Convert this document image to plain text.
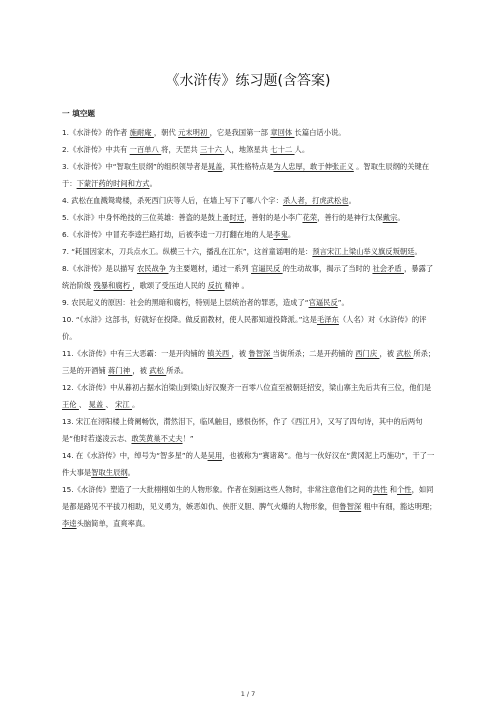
《水浒传》练习题(含答案)
一 填空题

1.《水浒传》的作者 施耐庵 ，朝代 元末明初 ，它是我国第一部 章回体 长篇白话小说。

2.《水浒传》中共有 一百单八 将，天罡共 三十六 人，地煞星共 七十二 人。

3.《水浒传》中“智取生辰纲”的组织领导者是晁盖，其性格特点是为人忠厚，敢于伸张正义 。智取生辰纲的关键在于：下蒙汗药的时间和方式。

4. 武松在血溅鸳鸯楼，杀死西门庆等人后，在墙上写下了哪八个字：杀人者，打虎武松也。

5.《水浒》中身怀绝技的三位英雄：善盗的是鼓上蚤时迁，善射的是小李广花荣，善行的是神行太保戴宗。

6.《水浒传》中冒充李逵拦路打劫，后被李逵一刀打翻在地的人是李鬼。

7. “耗国因家木，刀兵点水工。纵横三十六，播乱在江东”，这首童谣唱的是：预言宋江上梁山举义旗反叛朝廷。

8.《水浒传》是以描写 农民战争 为主要题材，通过一系列 官逼民反 的生动故事，揭示了当时的 社会矛盾 ，暴露了统治阶级 残暴和腐朽 ，歌颂了受压迫人民的 反抗 精神 。

9. 农民起义的原因：社会的黑暗和腐朽，特别是上层统治者的罪恶，造成了“官逼民反”。

10. “《水浒》这部书，好就好在投降。做反面教材，使人民都知道投降派。”这是毛泽东（人名）对《水浒传》的评价。

11.《水浒传》中有三大恶霸：一是开肉铺的 镇关西 ，被 鲁智深 当街所杀；二是开药铺的 西门庆 ，被 武松 所杀；三是的开酒铺 蒋门神 ，被 武松 所杀。

12.《水浒传》中从暮初占据水泊梁山到梁山好汉聚齐一百零八位直至被朝廷招安，梁山寨主先后共有三位，他们是 王伦 、 晁盖 、 宋江 。

13. 宋江在浔阳楼上倚阑畅饮，潸然泪下，临风触目，感恨伤怀，作了《西江月》，又写了四句诗，其中的后两句是“他时若遂凌云志、敢笑黄巢不丈夫！”

14. 在《水浒传》中，绰号为“智多星”的人是吴用，也被称为“赛诸葛”。他与一伙好汉在“黄冈泥上巧施功”，干了一件大事是智取生辰纲。

15.《水浒传》塑造了一大批栩栩如生的人物形象。作者在刻画这些人物时，非常注意他们之间的共性 和个性，如同是都是路见不平拔刀相助，见义勇为，嫉恶如仇、侠肝义胆、脾气火爆的人物形象，但鲁智深 粗中有细，豁达明理；李逵头脑简单，直爽率真。

1 / 7
